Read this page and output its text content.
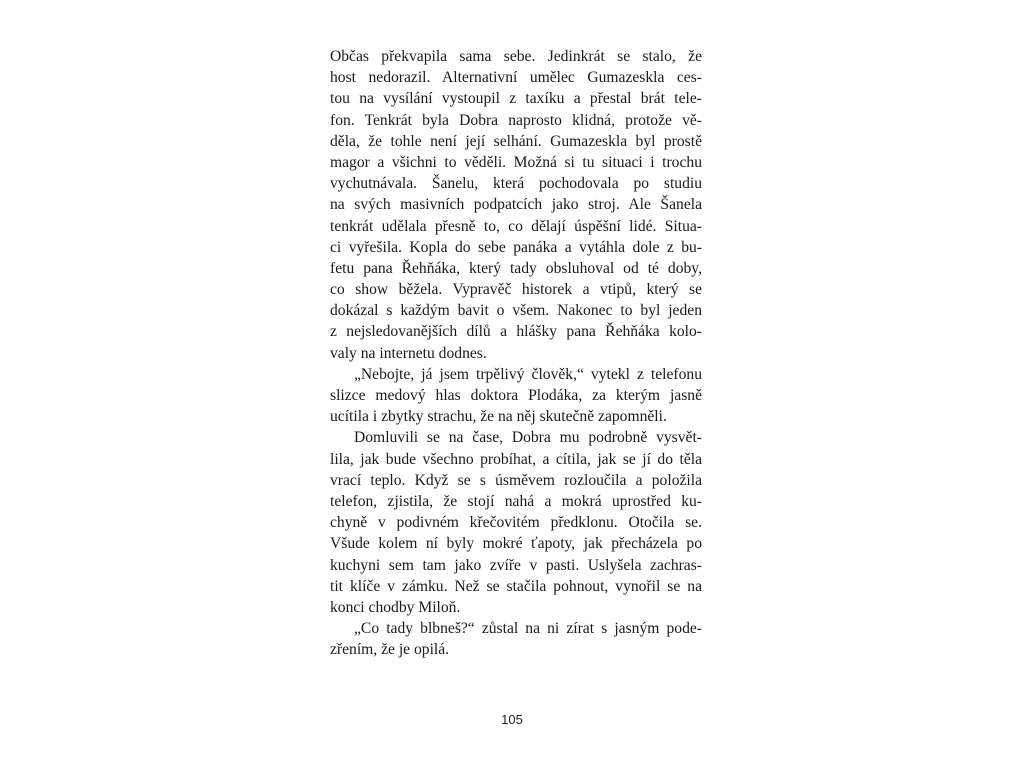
Občas překvapila sama sebe. Jedinkrát se stalo, že
host nedorazil. Alternativní umělec Gumazeskla ces-
tou na vysílání vystoupil z taxíku a přestal brát tele-
fon. Tenkrát byla Dobra naprosto klidná, protože vě-
děla, že tohle není její selhání. Gumazeskla byl prostě
magor a všichni to věděli. Možná si tu situaci i trochu
vychutnávala. Šanelu, která pochodovala po studiu
na svých masivních podpatcích jako stroj. Ale Šanela
tenkrát udělala přesně to, co dělají úspěšní lidé. Situa-
ci vyřešila. Kopla do sebe panáka a vytáhla dole z bu-
fetu pana Řehňáka, který tady obsluhoval od té doby,
co show běžela. Vypravěč historek a vtipů, který se
dokázal s každým bavit o všem. Nakonec to byl jeden
z nejsledovanějších dílů a hlášky pana Řehňáka kolo-
valy na internetu dodnes.
„Nebojte, já jsem trpělivý člověk,“ vytekl z telefonu
slizce medový hlas doktora Plodáka, za kterým jasně
ucítila i zbytky strachu, že na něj skutečně zapomněli.
Domluvili se na čase, Dobra mu podrobně vysvět-
lila, jak bude všechno probíhat, a cítila, jak se jí do těla
vrací teplo. Když se s úsměvem rozloučila a položila
telefon, zjistila, že stojí nahá a mokrá uprostřed ku-
chyně v podivném křečovitém předklonu. Otočila se.
Všude kolem ní byly mokré ťapoty, jak přecházela po
kuchyni sem tam jako zvíře v pasti. Uslyšela zachras-
tit klíče v zámku. Než se stačila pohnout, vynořil se na
konci chodby Miloň.
„Co tady blbneš?“ zůstal na ni zírat s jasným pode-
zřením, že je opilá.
105
